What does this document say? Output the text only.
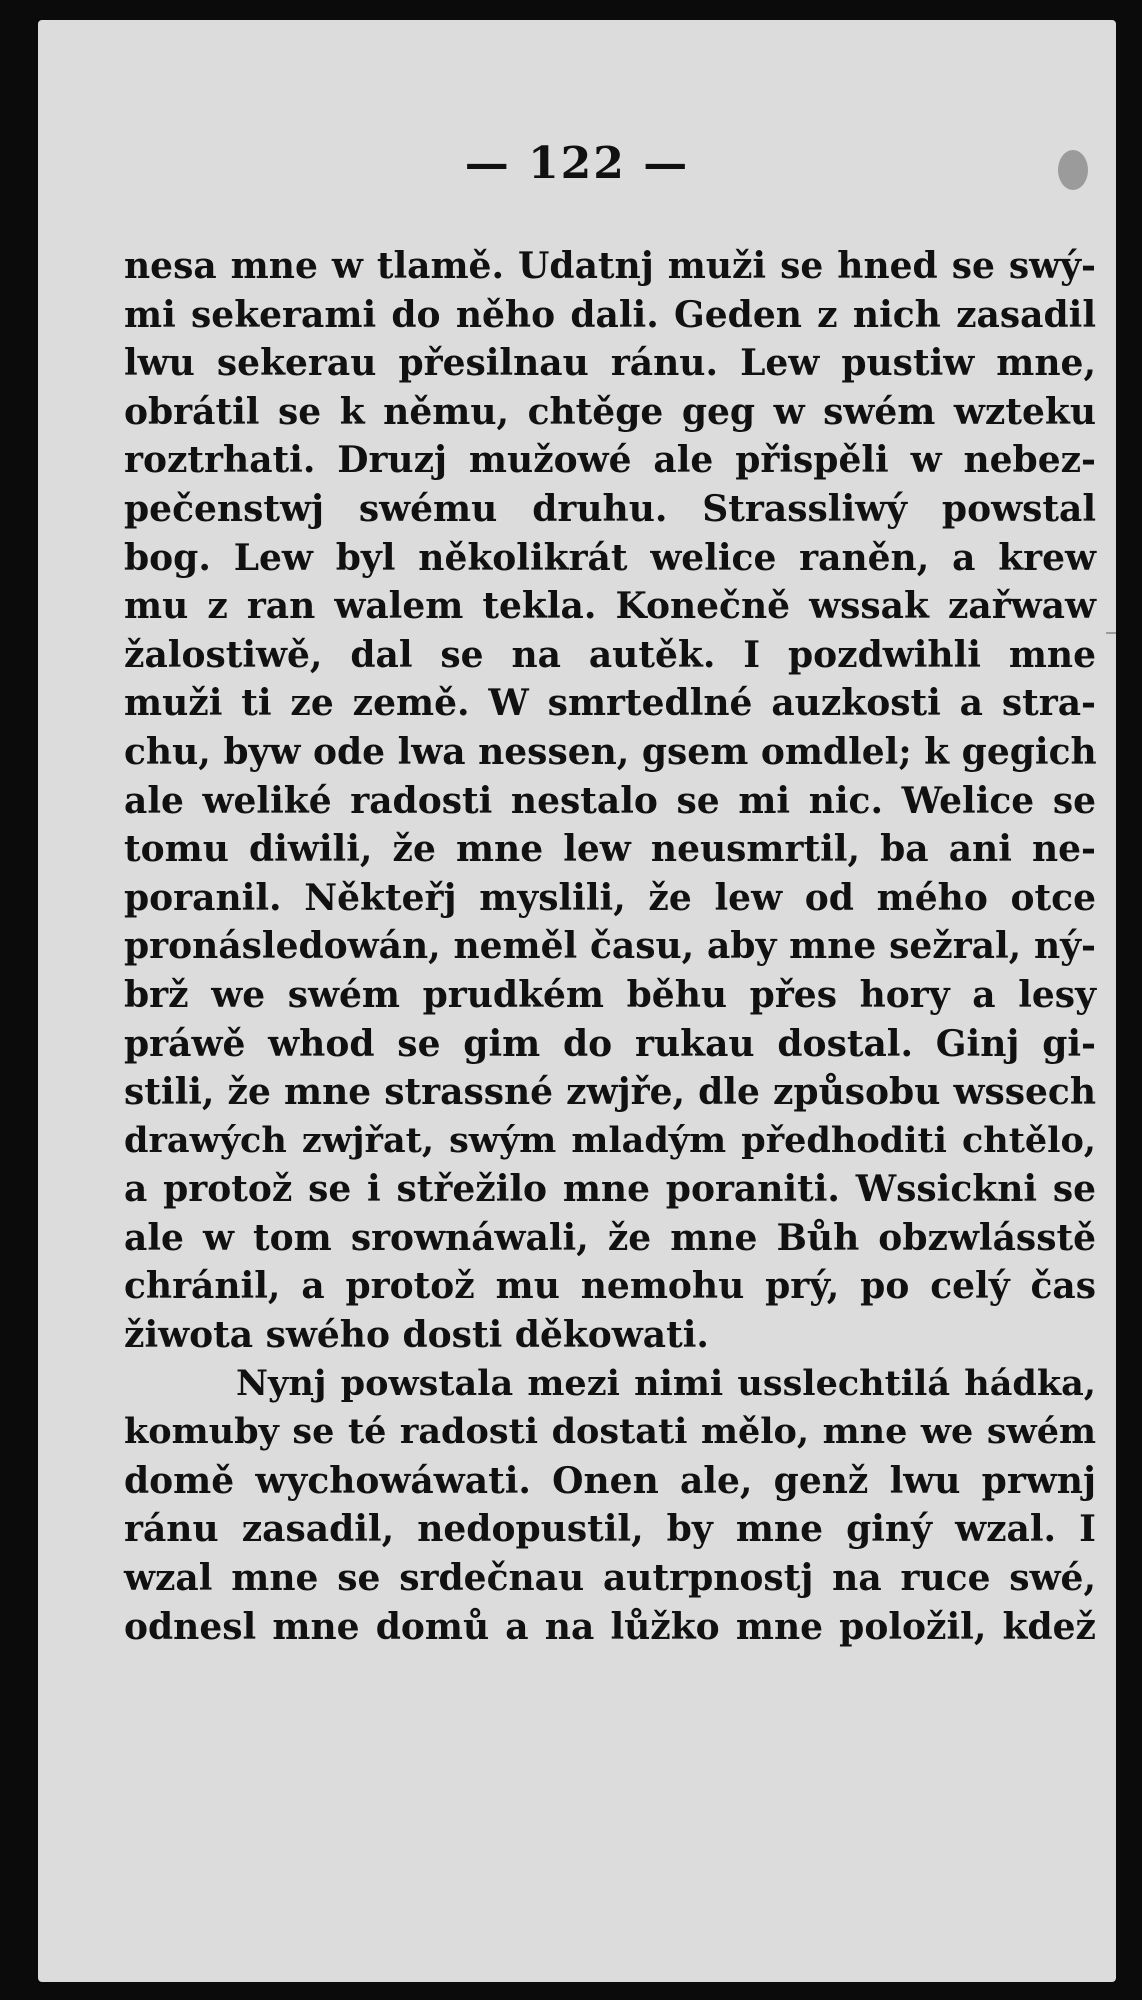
— 122 —
nesa mne w tlamě. Udatnj muži se hned se swý-
mi sekerami do něho dali. Geden z nich zasadil
lwu sekerau přesilnau ránu. Lew pustiw mne,
obrátil se k němu, chtěge geg w swém wzteku
roztrhati. Druzj mužowé ale přispěli w nebez-
pečenstwj swému druhu. Strassliwý powstal
bog. Lew byl několikrát welice raněn, a krew
mu z ran walem tekla. Konečně wssak zařwaw
žalostiwě, dal se na autěk. I pozdwihli mne
muži ti ze země. W smrtedlné auzkosti a stra-
chu, byw ode lwa nessen, gsem omdlel; k gegich
ale weliké radosti nestalo se mi nic. Welice se
tomu diwili, že mne lew neusmrtil, ba ani ne-
poranil. Někteřj myslili, že lew od mého otce
pronásledowán, neměl času, aby mne sežral, ný-
brž we swém prudkém běhu přes hory a lesy
práwě whod se gim do rukau dostal. Ginj gi-
stili, že mne strassné zwjře, dle způsobu wssech
drawých zwjřat, swým mladým předhoditi chtělo,
a protož se i střežilo mne poraniti. Wssickni se
ale w tom srownáwali, že mne Bůh obzwlásstě
chránil, a protož mu nemohu prý, po celý čas
žiwota swého dosti děkowati.
Nynj powstala mezi nimi usslechtilá hádka,
komuby se té radosti dostati mělo, mne we swém
domě wychowáwati. Onen ale, genž lwu prwnj
ránu zasadil, nedopustil, by mne giný wzal. I
wzal mne se srdečnau autrpnostj na ruce swé,
odnesl mne domů a na lůžko mne položil, kdež
